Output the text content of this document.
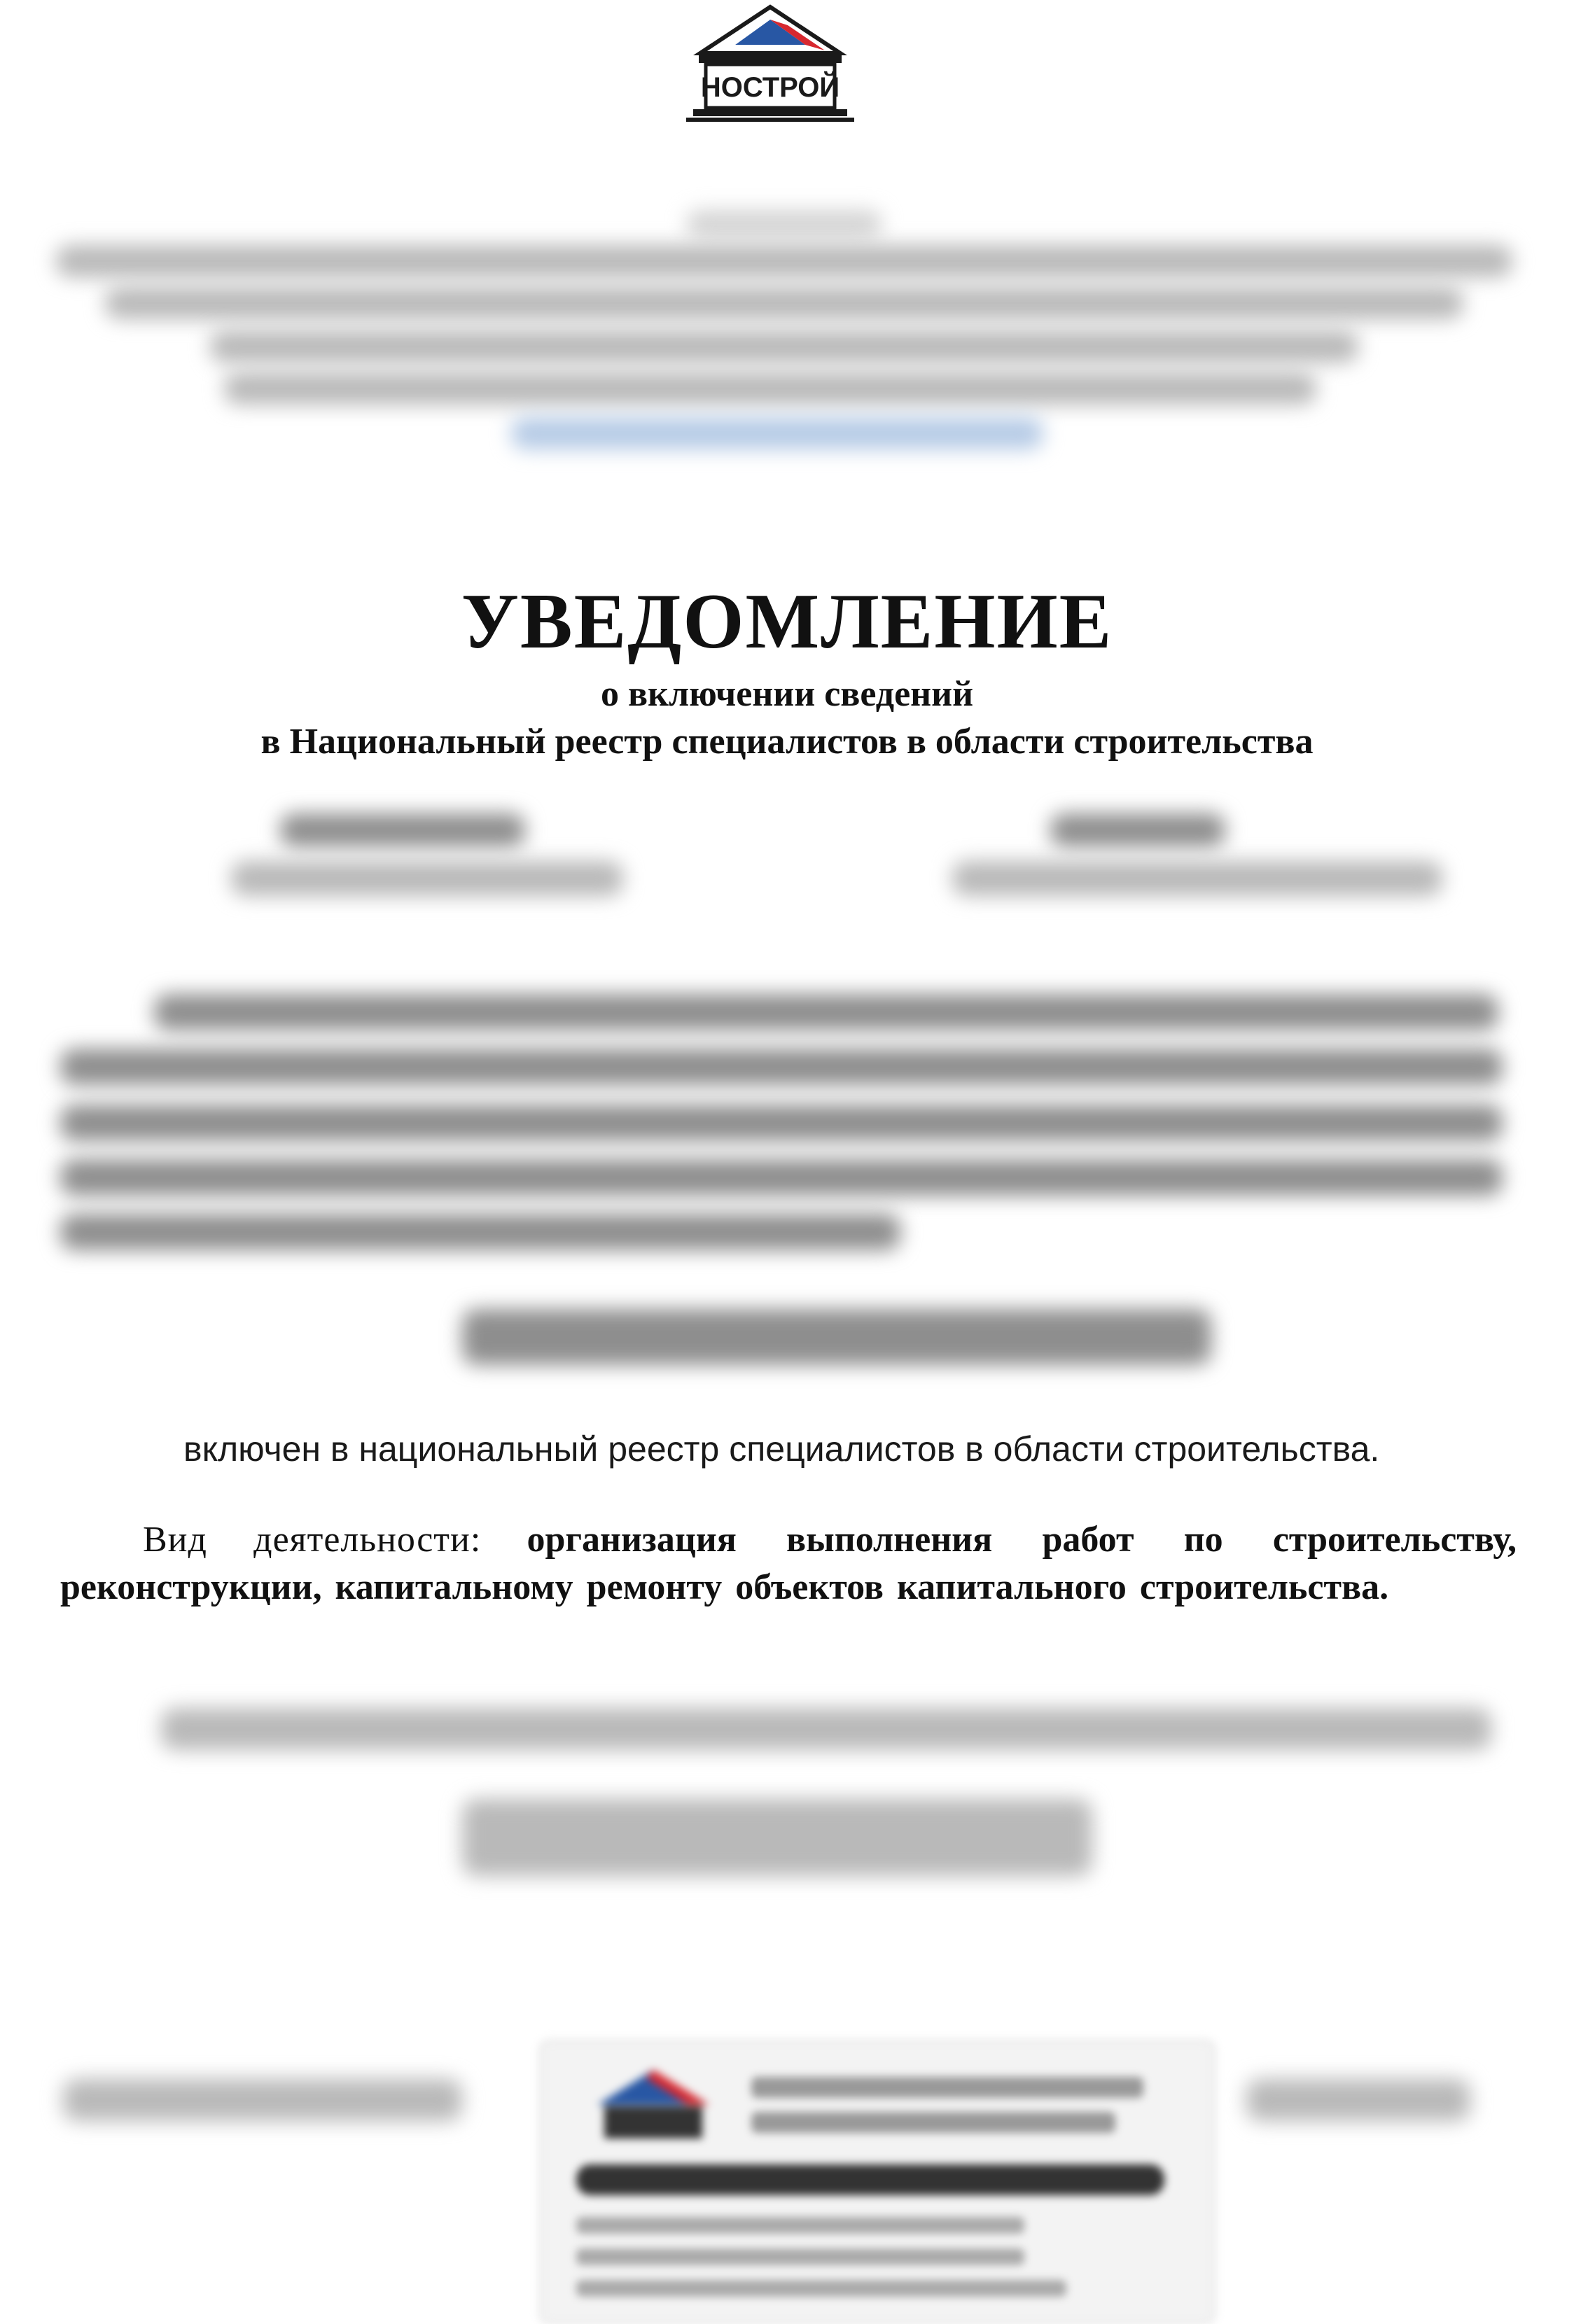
НОСТРОЙ
УВЕДОМЛЕНИЕ

о включении сведений

в Национальный реестр специалистов в области строительства

включен в национальный реестр специалистов в области строительства.
Вид деятельности: организация выполнения работ по строительству, реконструкции, капитальному ремонту объектов капитального строительства.
